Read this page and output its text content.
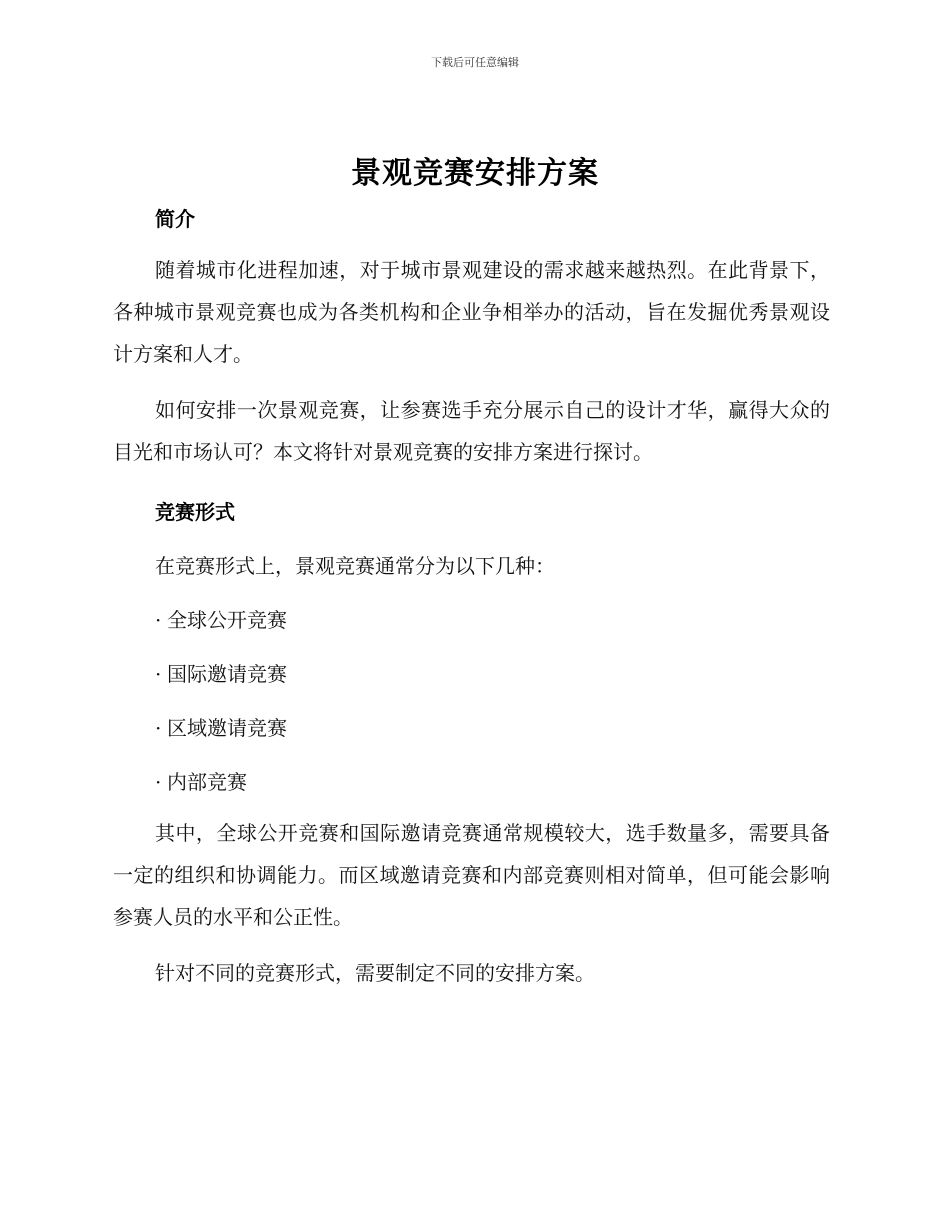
下载后可任意编辑
景观竞赛安排方案
简介

随着城市化进程加速，对于城市景观建设的需求越来越热烈。在此背景下，各种城市景观竞赛也成为各类机构和企业争相举办的活动，旨在发掘优秀景观设计方案和人才。

如何安排一次景观竞赛，让参赛选手充分展示自己的设计才华，赢得大众的目光和市场认可？本文将针对景观竞赛的安排方案进行探讨。

竞赛形式

在竞赛形式上，景观竞赛通常分为以下几种：

· 全球公开竞赛

· 国际邀请竞赛

· 区域邀请竞赛

· 内部竞赛

其中，全球公开竞赛和国际邀请竞赛通常规模较大，选手数量多，需要具备一定的组织和协调能力。而区域邀请竞赛和内部竞赛则相对简单，但可能会影响参赛人员的水平和公正性。

针对不同的竞赛形式，需要制定不同的安排方案。
